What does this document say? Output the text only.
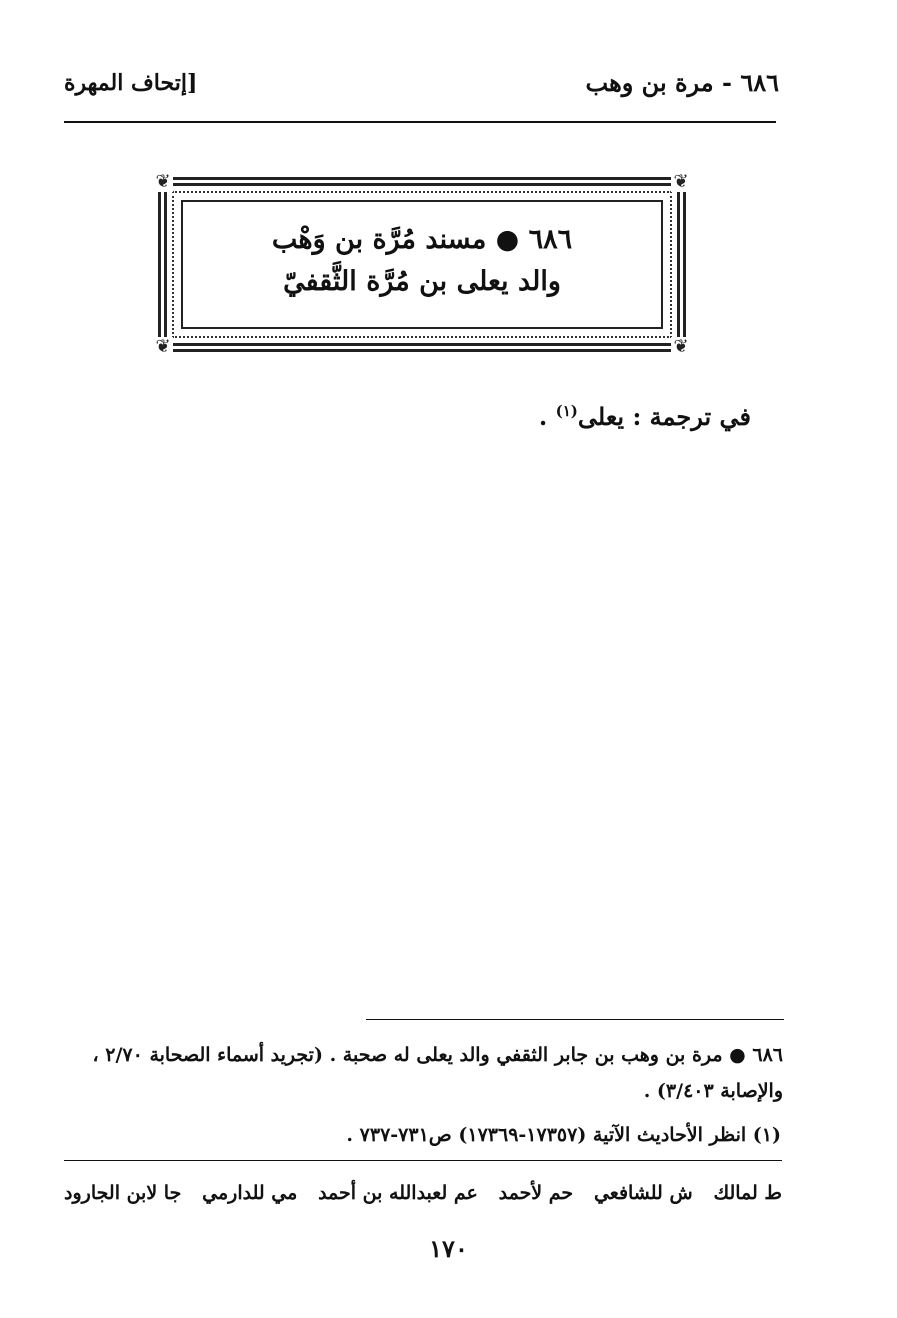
٦٨٦ - مرة بن وهب
[إتحاف المهرة
❦	❦
❦	❦
٦٨٦ ● مسند مُرَّة بن وَهْب
والد يعلى بن مُرَّة الثَّقفيّ
في ترجمة : يعلى$^{(١)}$ .
٦٨٦ ● مرة بن وهب بن جابر الثقفي والد يعلى له صحبة . (تجريد أسماء الصحابة ٢/٧٠ ،
والإصابة ٣/٤٠٣) .
(١) انظر الأحاديث الآتية (١٧٣٥٧-١٧٣٦٩) ص٧٣١-٧٣٧ .
ط لمالك
ش للشافعي
حم لأحمد
عم لعبدالله بن أحمد
مي للدارمي
جا لابن الجارود
١٧٠
